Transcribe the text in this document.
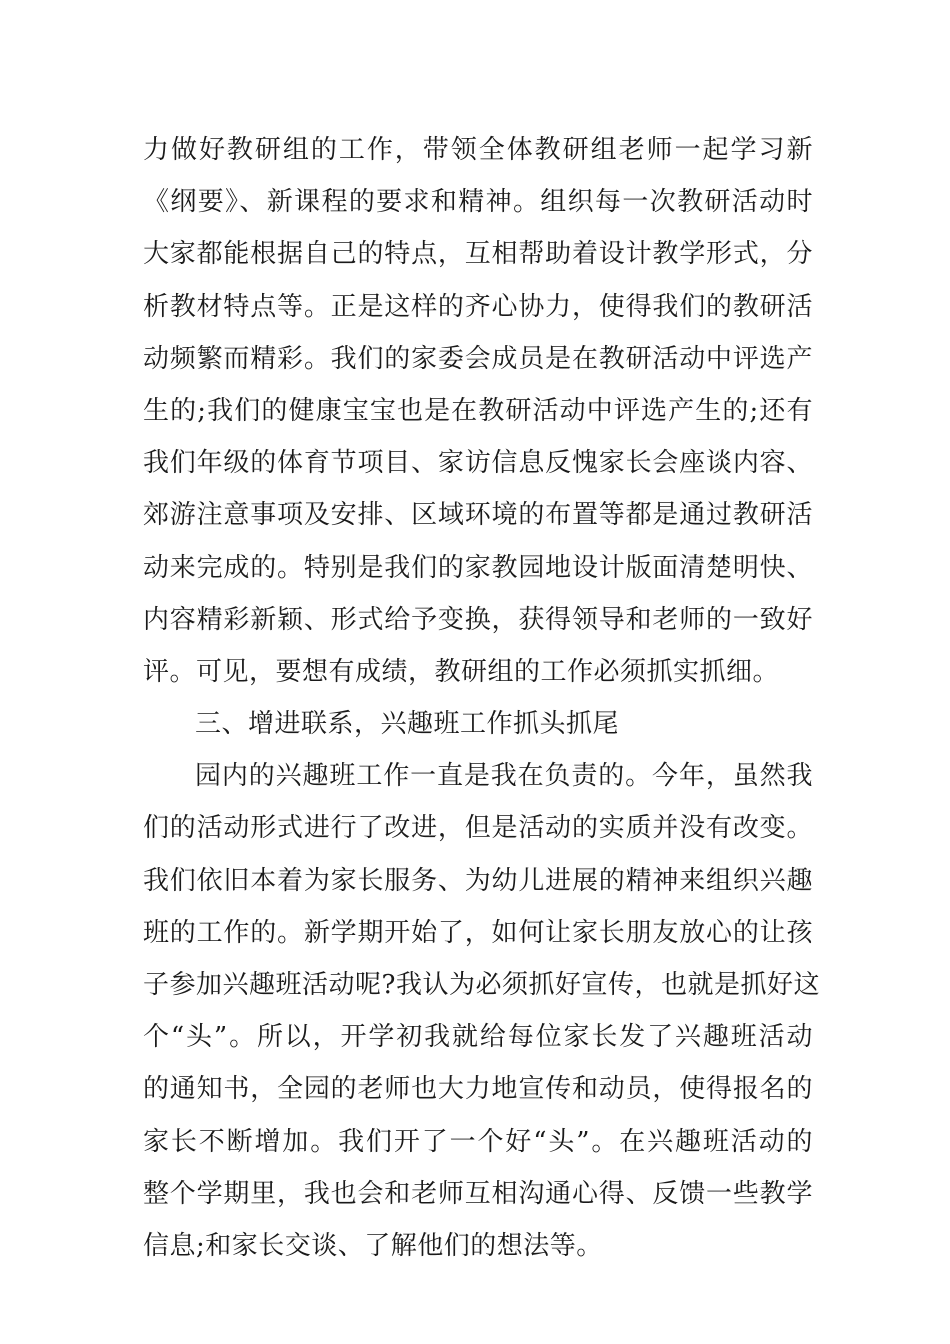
力做好教研组的工作，带领全体教研组老师一起学习新
《纲要》、新课程的要求和精神。组织每一次教研活动时
大家都能根据自己的特点，互相帮助着设计教学形式，分
析教材特点等。正是这样的齐心协力，使得我们的教研活
动频繁而精彩。我们的家委会成员是在教研活动中评选产
生的;我们的健康宝宝也是在教研活动中评选产生的;还有
我们年级的体育节项目、家访信息反愧家长会座谈内容、
郊游注意事项及安排、区域环境的布置等都是通过教研活
动来完成的。特别是我们的家教园地设计版面清楚明快、
内容精彩新颖、形式给予变换，获得领导和老师的一致好
评。可见，要想有成绩，教研组的工作必须抓实抓细。
三、增进联系，兴趣班工作抓头抓尾
园内的兴趣班工作一直是我在负责的。今年，虽然我
们的活动形式进行了改进，但是活动的实质并没有改变。
我们依旧本着为家长服务、为幼儿进展的精神来组织兴趣
班的工作的。新学期开始了，如何让家长朋友放心的让孩
子参加兴趣班活动呢?我认为必须抓好宣传，也就是抓好这
个“头”。所以，开学初我就给每位家长发了兴趣班活动
的通知书，全园的老师也大力地宣传和动员，使得报名的
家长不断增加。我们开了一个好“头”。在兴趣班活动的
整个学期里，我也会和老师互相沟通心得、反馈一些教学
信息;和家长交谈、了解他们的想法等。
